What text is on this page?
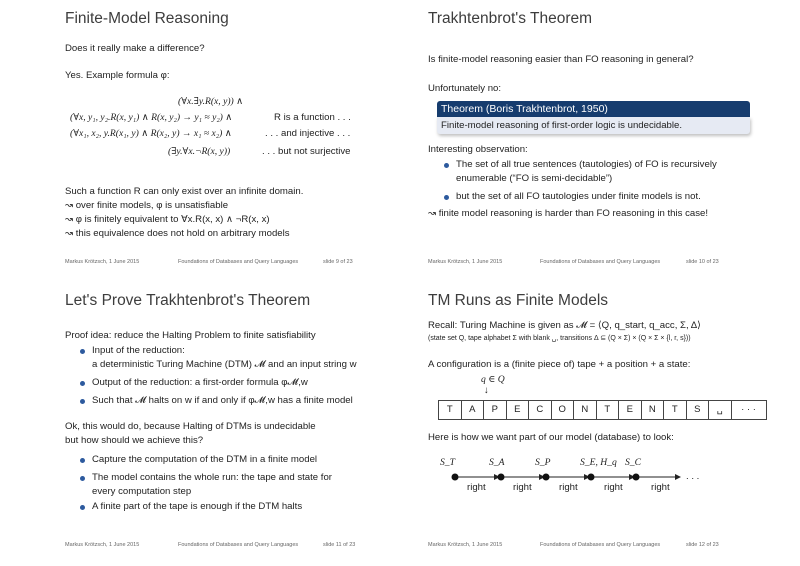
Finite-Model Reasoning
Does it really make a difference?
Yes. Example formula φ:
(∀x.∃y.R(x, y)) ∧
(∀x, y₁, y₂.R(x, y₁) ∧ R(x, y₂) → y₁ ≈ y₂) ∧	R is a function . . .
(∀x₁, x₂, y.R(x₁, y) ∧ R(x₂, y) → x₁ ≈ x₂) ∧	. . . and injective . . .
(∃y.∀x.¬R(x, y))	. . . but not surjective
Such a function R can only exist over an infinite domain.
↝ over finite models, φ is unsatisfiable
↝ φ is finitely equivalent to ∀x.R(x, x) ∧ ¬R(x, x)
↝ this equivalence does not hold on arbitrary models
Markus Krötzsch, 1 June 2015	Foundations of Databases and Query Languages	slide 9 of 23
Trakhtenbrot's Theorem
Is finite-model reasoning easier than FO reasoning in general?
Unfortunately no:
Theorem (Boris Trakhtenbrot, 1950)
Finite-model reasoning of first-order logic is undecidable.
Interesting observation:
The set of all true sentences (tautologies) of FO is recursively
enumerable (“FO is semi-decidable”)
but the set of all FO tautologies under finite models is not.
↝ finite model reasoning is harder than FO reasoning in this case!
Markus Krötzsch, 1 June 2015	Foundations of Databases and Query Languages	slide 10 of 23
Let's Prove Trakhtenbrot's Theorem
Proof idea: reduce the Halting Problem to finite satisfiability
Input of the reduction:
a deterministic Turing Machine (DTM) 𝓜 and an input string w
Output of the reduction: a first-order formula φ𝓜,w
Such that 𝓜 halts on w if and only if φ𝓜,w has a finite model
Ok, this would do, because Halting of DTMs is undecidable
but how should we achieve this?
Capture the computation of the DTM in a finite model
The model contains the whole run: the tape and state for
every computation step
A finite part of the tape is enough if the DTM halts
Markus Krötzsch, 1 June 2015	Foundations of Databases and Query Languages	slide 11 of 23
TM Runs as Finite Models
Recall: Turing Machine is given as 𝓜 = ⟨Q, q_start, q_acc, Σ, Δ⟩
(state set Q, tape alphabet Σ with blank ␣, transitions Δ ⊆ (Q × Σ) × (Q × Σ × {l, r, s}))
A configuration is a (finite piece of) tape + a position + a state:
q ∈ Q
↓
T	A	P	E	C	O	N	T	E	N	T	S	␣	· · ·
Here is how we want part of our model (database) to look:
S_T	S_A	S_P	S_E, H_q S_C
right	right	right	right	right
. . .
Markus Krötzsch, 1 June 2015	Foundations of Databases and Query Languages	slide 12 of 23
